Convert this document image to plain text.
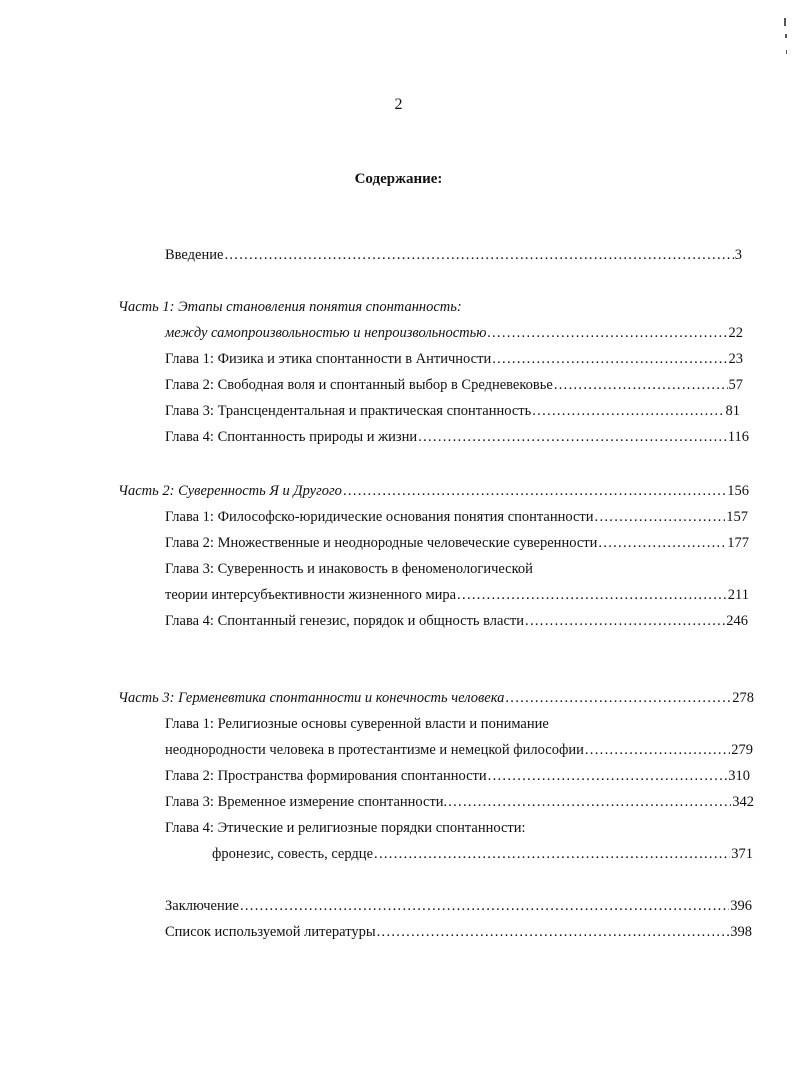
2
Содержание:
Введение .....	3
Часть 1: Этапы становления понятия спонтанность:
между самопроизвольностью и непроизвольностью .....	22
Глава 1: Физика и этика спонтанности в Античности .....	23
Глава 2: Свободная воля и спонтанный выбор в Средневековье .....	57
Глава 3: Трансцендентальная и практическая спонтанность .....	81
Глава 4: Спонтанность природы и жизни .....	116
Часть 2: Суверенность Я и Другого .....	156
Глава 1: Философско-юридические основания понятия спонтанности .....	157
Глава 2: Множественные и неоднородные человеческие суверенности .....	177
Глава 3: Суверенность и инаковость в феноменологической
теории интерсубъективности жизненного мира .....	211
Глава 4: Спонтанный генезис, порядок и общность власти .....	246
Часть 3: Герменевтика спонтанности и конечность человека .....	278
Глава 1: Религиозные основы суверенной власти и понимание
неоднородности человека в протестантизме и немецкой философии .....	279
Глава 2: Пространства формирования спонтанности .....	310
Глава 3: Временное измерение спонтанности. .....	342
Глава 4: Этические и религиозные порядки спонтанности:
фронезис, совесть, сердце .....	371
Заключение .....	396
Список используемой литературы .....	398
